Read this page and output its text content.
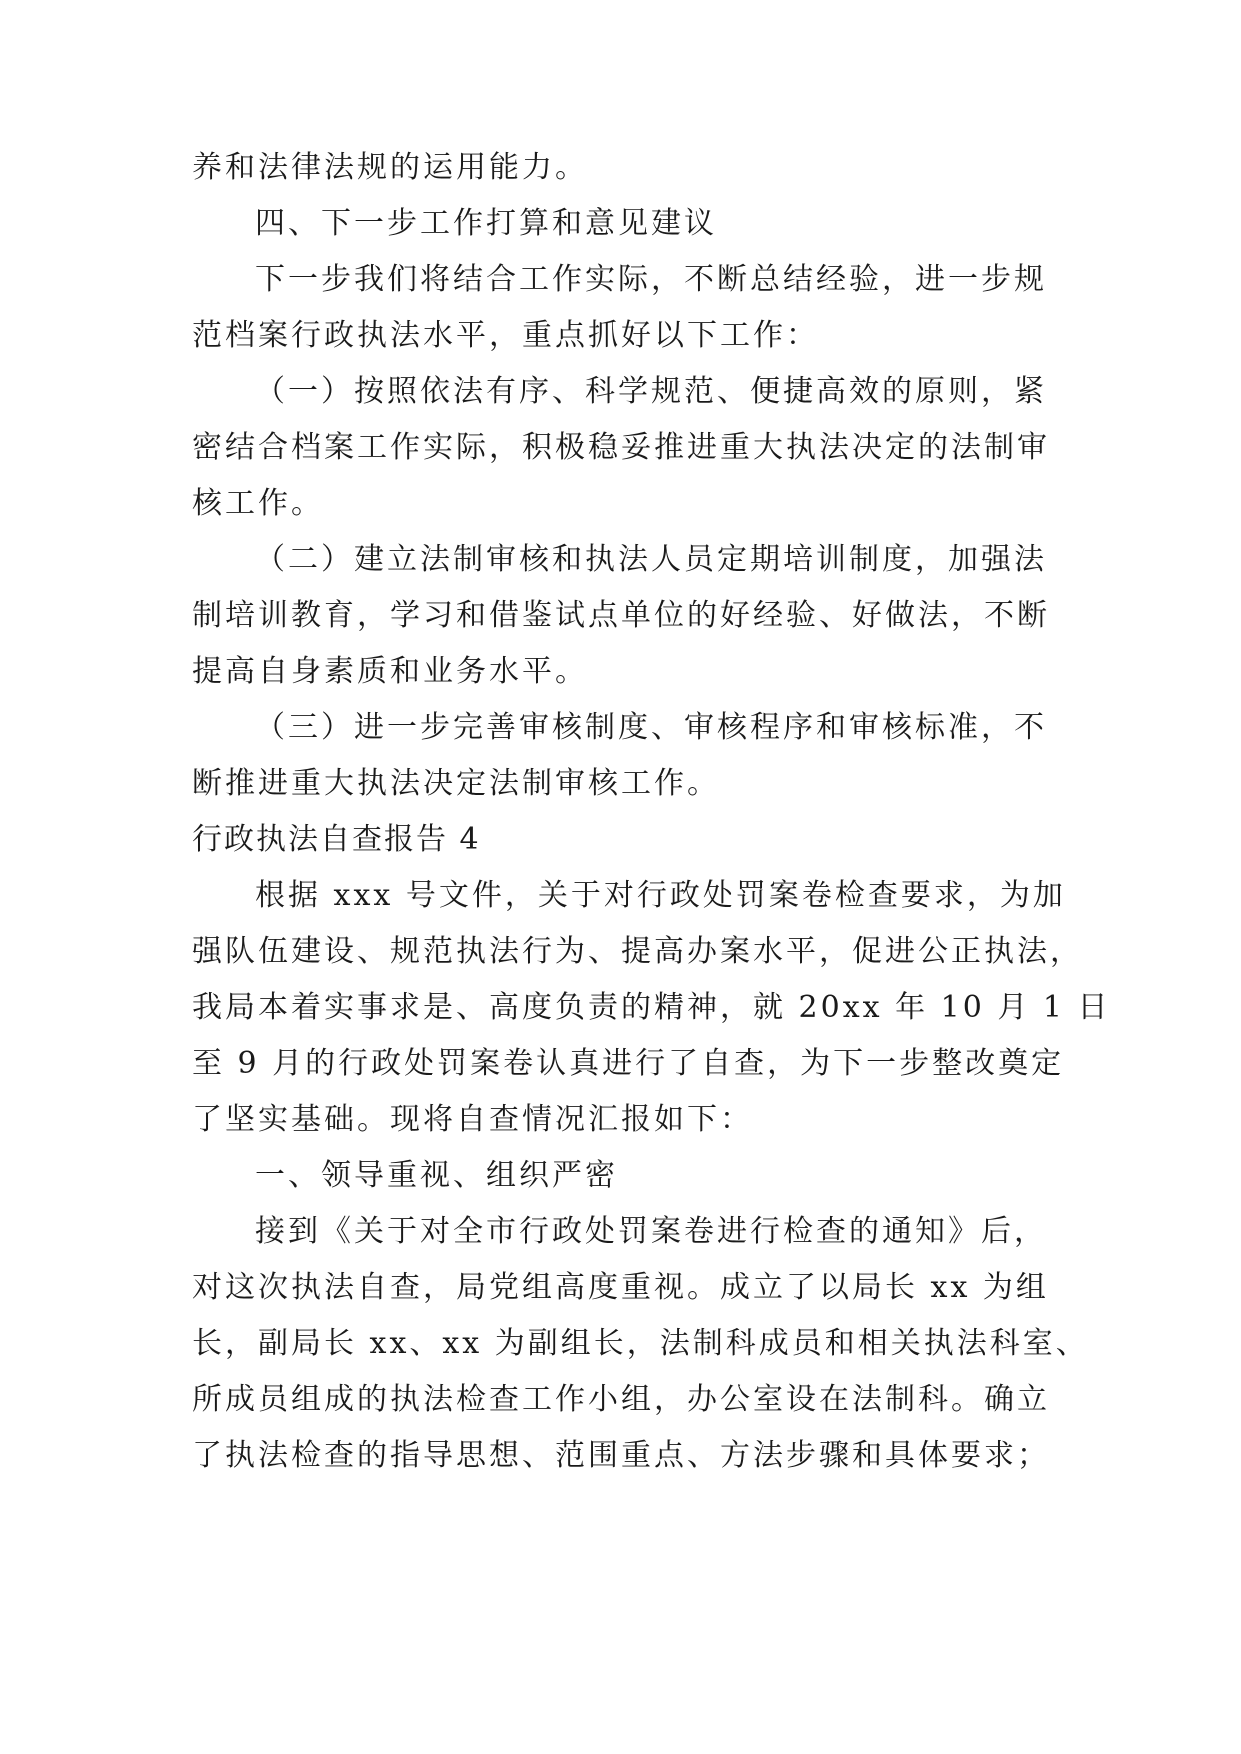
养和法律法规的运用能力。
四、下一步工作打算和意见建议
下一步我们将结合工作实际，不断总结经验，进一步规
范档案行政执法水平，重点抓好以下工作：
（一）按照依法有序、科学规范、便捷高效的原则，紧
密结合档案工作实际，积极稳妥推进重大执法决定的法制审
核工作。
（二）建立法制审核和执法人员定期培训制度，加强法
制培训教育，学习和借鉴试点单位的好经验、好做法，不断
提高自身素质和业务水平。
（三）进一步完善审核制度、审核程序和审核标准，不
断推进重大执法决定法制审核工作。
行政执法自查报告 4
根据 xxx 号文件，关于对行政处罚案卷检查要求，为加
强队伍建设、规范执法行为、提高办案水平，促进公正执法，
我局本着实事求是、高度负责的精神，就 20xx 年 10 月 1 日
至 9 月的行政处罚案卷认真进行了自查，为下一步整改奠定
了坚实基础。现将自查情况汇报如下：
一、领导重视、组织严密
接到《关于对全市行政处罚案卷进行检查的通知》后，
对这次执法自查，局党组高度重视。成立了以局长 xx 为组
长，副局长 xx、xx 为副组长，法制科成员和相关执法科室、
所成员组成的执法检查工作小组，办公室设在法制科。确立
了执法检查的指导思想、范围重点、方法步骤和具体要求；
